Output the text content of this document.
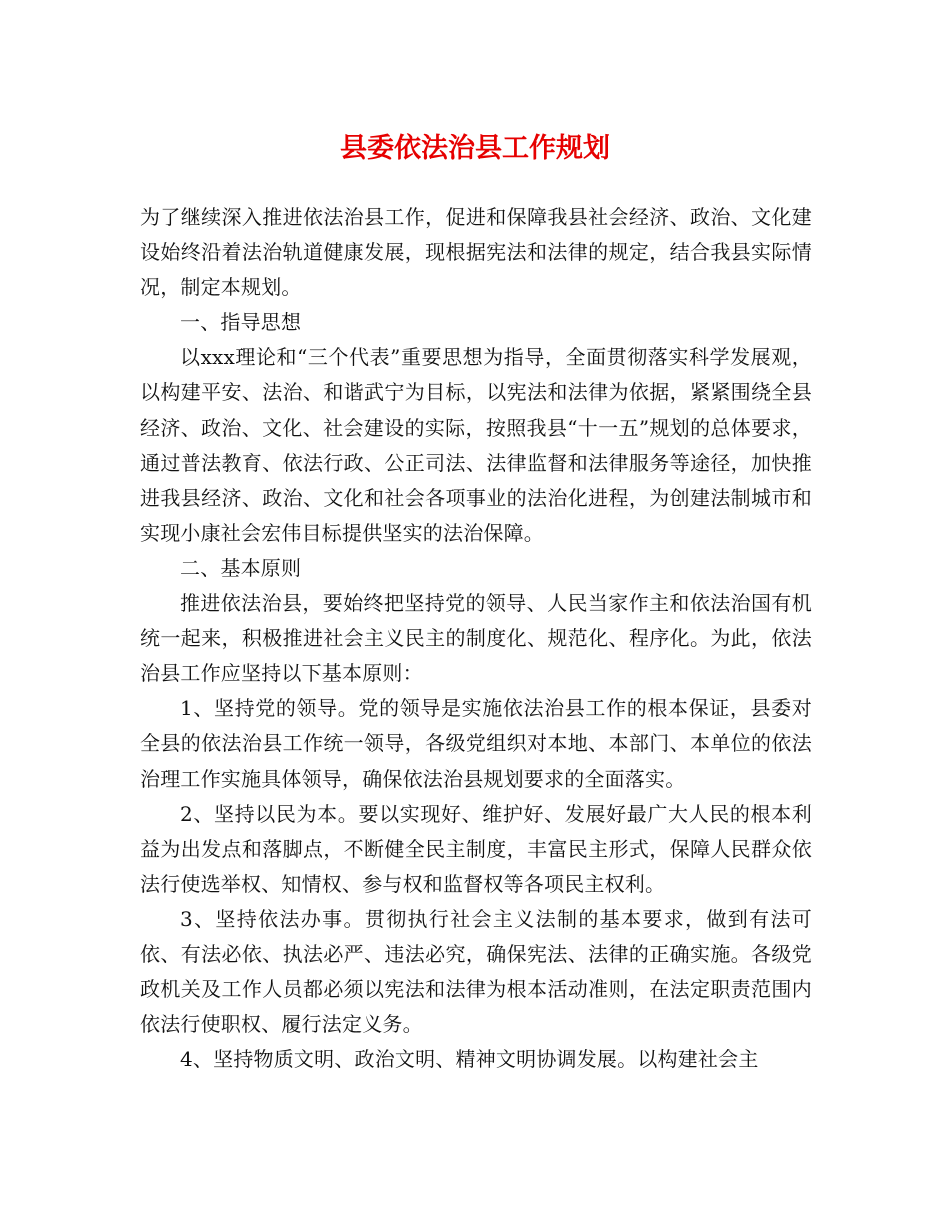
县委依法治县工作规划

为了继续深入推进依法治县工作，促进和保障我县社会经济、政治、文化建设始终沿着法治轨道健康发展，现根据宪法和法律的规定，结合我县实际情况，制定本规划。

一、指导思想

以xxx理论和“三个代表”重要思想为指导，全面贯彻落实科学发展观，以构建平安、法治、和谐武宁为目标，以宪法和法律为依据，紧紧围绕全县经济、政治、文化、社会建设的实际，按照我县“十一五”规划的总体要求，通过普法教育、依法行政、公正司法、法律监督和法律服务等途径，加快推进我县经济、政治、文化和社会各项事业的法治化进程，为创建法制城市和实现小康社会宏伟目标提供坚实的法治保障。

二、基本原则

推进依法治县，要始终把坚持党的领导、人民当家作主和依法治国有机统一起来，积极推进社会主义民主的制度化、规范化、程序化。为此，依法治县工作应坚持以下基本原则：

1、坚持党的领导。党的领导是实施依法治县工作的根本保证，县委对全县的依法治县工作统一领导，各级党组织对本地、本部门、本单位的依法治理工作实施具体领导，确保依法治县规划要求的全面落实。

2、坚持以民为本。要以实现好、维护好、发展好最广大人民的根本利益为出发点和落脚点，不断健全民主制度，丰富民主形式，保障人民群众依法行使选举权、知情权、参与权和监督权等各项民主权利。

3、坚持依法办事。贯彻执行社会主义法制的基本要求，做到有法可依、有法必依、执法必严、违法必究，确保宪法、法律的正确实施。各级党政机关及工作人员都必须以宪法和法律为根本活动准则，在法定职责范围内依法行使职权、履行法定义务。

4、坚持物质文明、政治文明、精神文明协调发展。以构建社会主
